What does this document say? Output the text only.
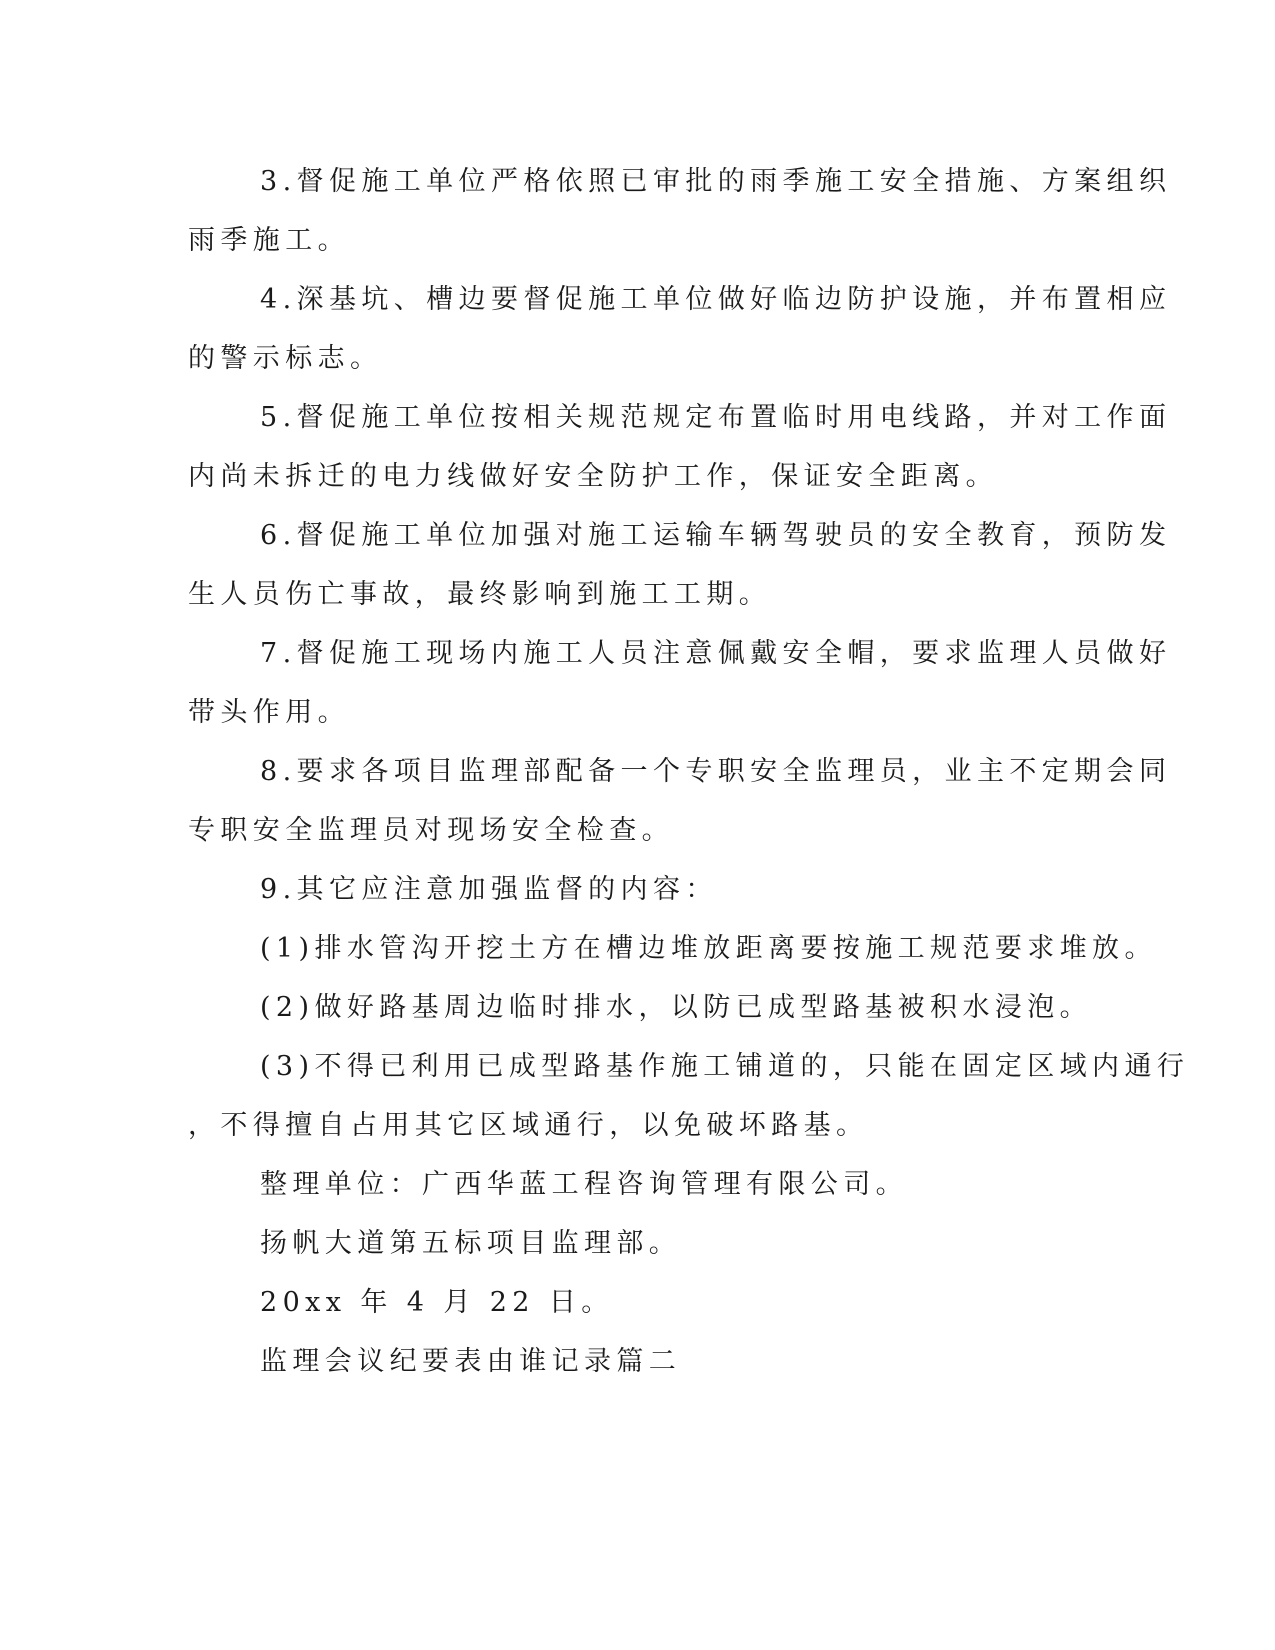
3.督促施工单位严格依照已审批的雨季施工安全措施、方案组织
雨季施工。
4.深基坑、槽边要督促施工单位做好临边防护设施，并布置相应
的警示标志。
5.督促施工单位按相关规范规定布置临时用电线路，并对工作面
内尚未拆迁的电力线做好安全防护工作，保证安全距离。
6.督促施工单位加强对施工运输车辆驾驶员的安全教育，预防发
生人员伤亡事故，最终影响到施工工期。
7.督促施工现场内施工人员注意佩戴安全帽，要求监理人员做好
带头作用。
8.要求各项目监理部配备一个专职安全监理员，业主不定期会同
专职安全监理员对现场安全检查。
9.其它应注意加强监督的内容：
(1)排水管沟开挖土方在槽边堆放距离要按施工规范要求堆放。
(2)做好路基周边临时排水，以防已成型路基被积水浸泡。
(3)不得已利用已成型路基作施工铺道的，只能在固定区域内通行
，不得擅自占用其它区域通行，以免破坏路基。
整理单位：广西华蓝工程咨询管理有限公司。
扬帆大道第五标项目监理部。
20xx 年 4 月 22 日。
监理会议纪要表由谁记录篇二
